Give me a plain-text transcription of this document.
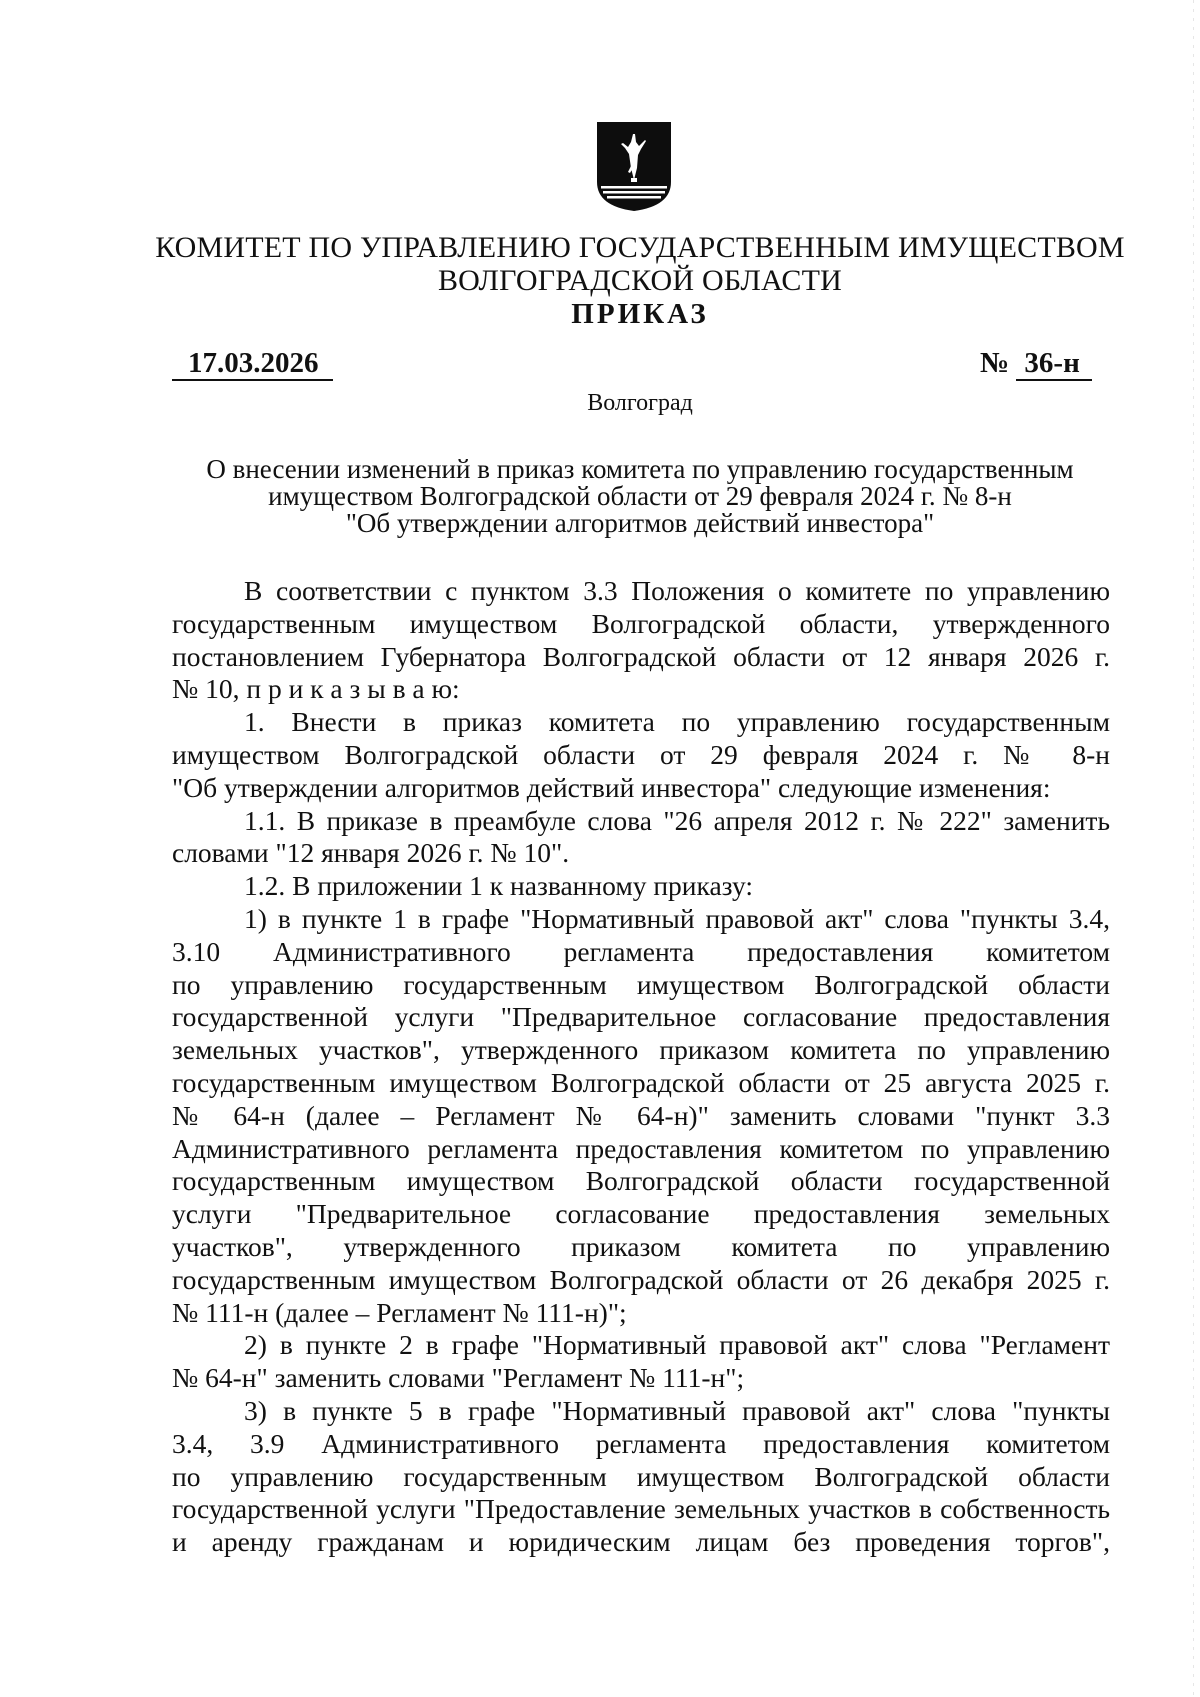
КОМИТЕТ ПО УПРАВЛЕНИЮ ГОСУДАРСТВЕННЫМ ИМУЩЕСТВОМ
ВОЛГОГРАДСКОЙ ОБЛАСТИ
ПРИКАЗ
17.03.2026	№ 36-н
Волгоград
О внесении изменений в приказ комитета по управлению государственным
имуществом Волгоградской области от 29 февраля 2024 г. № 8-н
"Об утверждении алгоритмов действий инвестора"
В соответствии с пунктом 3.3 Положения о комитете по управлению
государственным имуществом Волгоградской области, утвержденного
постановлением Губернатора Волгоградской области от 12 января 2026 г.
№ 10, п р и к а з ы в а ю:
1. Внести в приказ комитета по управлению государственным
имуществом Волгоградской области от 29 февраля 2024 г. № 8-н
"Об утверждении алгоритмов действий инвестора" следующие изменения:
1.1. В приказе в преамбуле слова "26 апреля 2012 г. № 222" заменить
словами "12 января 2026 г. № 10".
1.2. В приложении 1 к названному приказу:
1) в пункте 1 в графе "Нормативный правовой акт" слова "пункты 3.4,
3.10 Административного регламента предоставления комитетом
по управлению государственным имуществом Волгоградской области
государственной услуги "Предварительное согласование предоставления
земельных участков", утвержденного приказом комитета по управлению
государственным имуществом Волгоградской области от 25 августа 2025 г.
№ 64-н (далее – Регламент № 64-н)" заменить словами "пункт 3.3
Административного регламента предоставления комитетом по управлению
государственным имуществом Волгоградской области государственной
услуги "Предварительное согласование предоставления земельных
участков", утвержденного приказом комитета по управлению
государственным имуществом Волгоградской области от 26 декабря 2025 г.
№ 111-н (далее – Регламент № 111-н)";
2) в пункте 2 в графе "Нормативный правовой акт" слова "Регламент
№ 64-н" заменить словами "Регламент № 111-н";
3) в пункте 5 в графе "Нормативный правовой акт" слова "пункты
3.4, 3.9 Административного регламента предоставления комитетом
по управлению государственным имуществом Волгоградской области
государственной услуги "Предоставление земельных участков в собственность
и аренду гражданам и юридическим лицам без проведения торгов",
